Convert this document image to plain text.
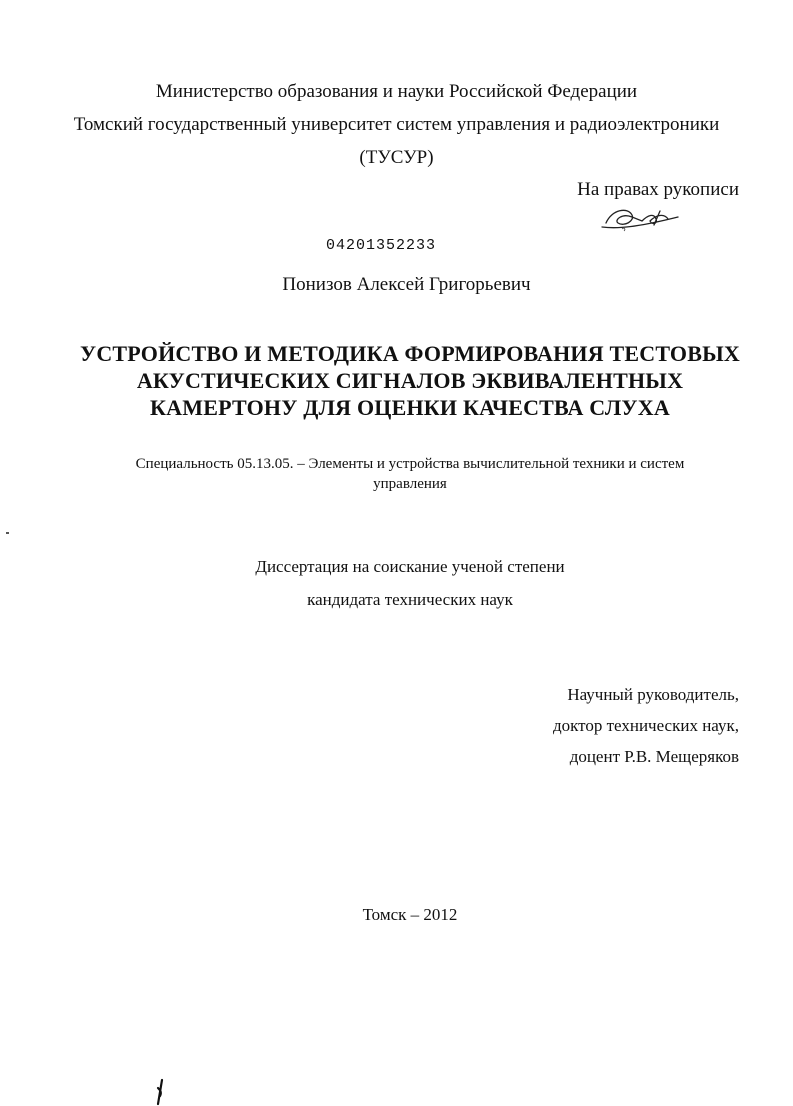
Министерство образования и науки Российской Федерации
Томский государственный университет систем управления и радиоэлектроники
(ТУСУР)
На правах рукописи
04201352233
Понизов Алексей Григорьевич
УСТРОЙСТВО И МЕТОДИКА ФОРМИРОВАНИЯ ТЕСТОВЫХ
АКУСТИЧЕСКИХ СИГНАЛОВ ЭКВИВАЛЕНТНЫХ
КАМЕРТОНУ ДЛЯ ОЦЕНКИ КАЧЕСТВА СЛУХА
Специальность 05.13.05. – Элементы и устройства вычислительной техники и систем
управления
Диссертация на соискание ученой степени
кандидата технических наук
Научный руководитель,
доктор технических наук,
доцент Р.В. Мещеряков
Томск – 2012
